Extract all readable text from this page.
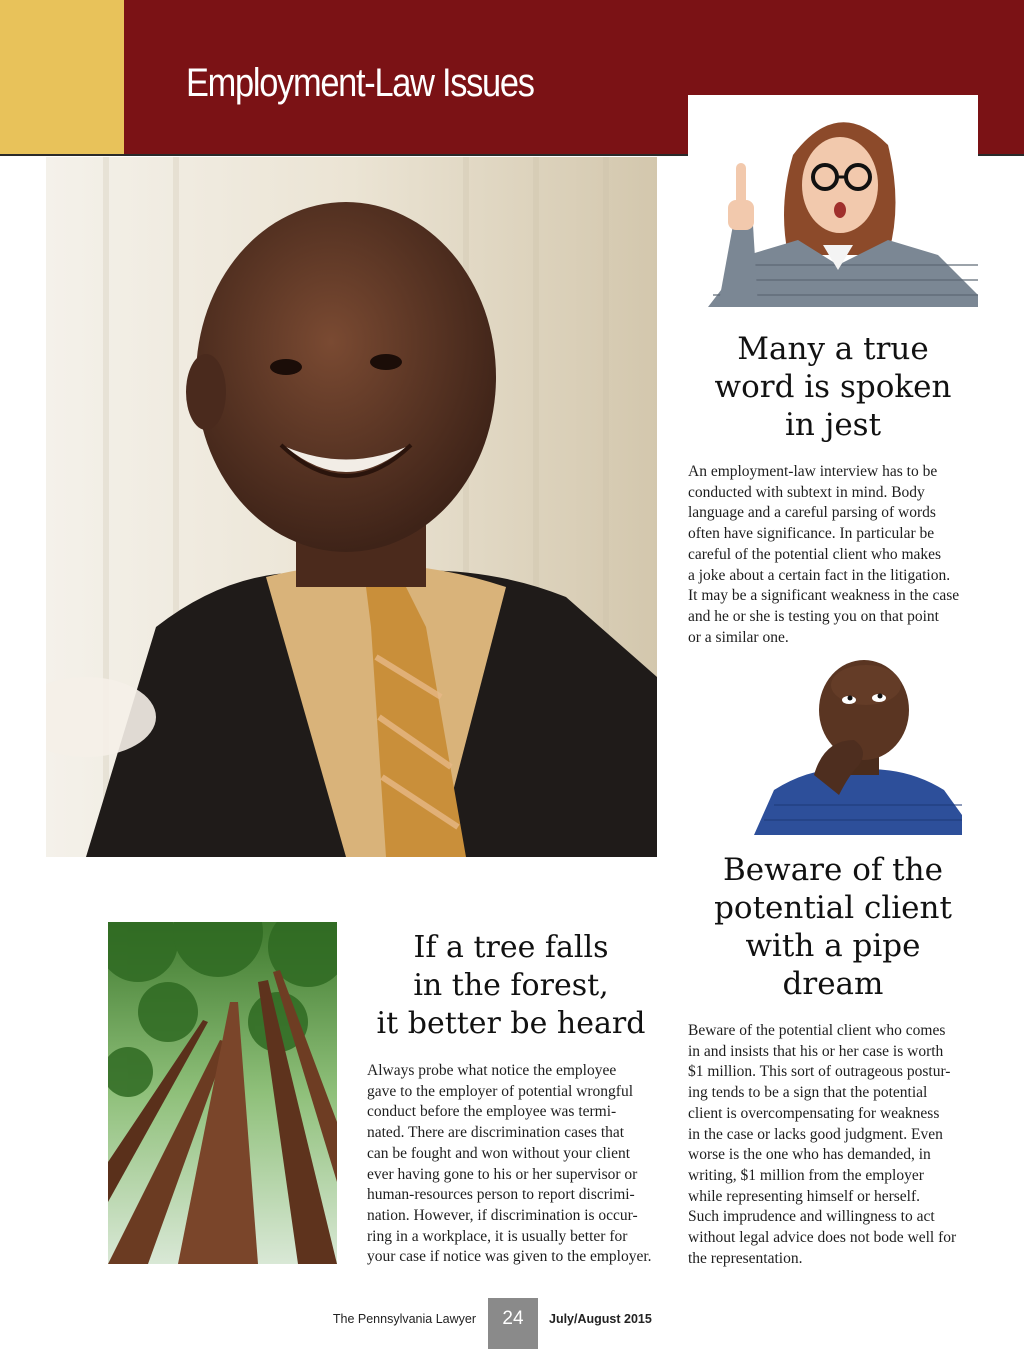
Employment-Law Issues
Many a true
word is spoken
in jest

An employment-law interview has to be
conducted with subtext in mind. Body
language and a careful parsing of words
often have significance. In particular be
careful of the potential client who makes
a joke about a certain fact in the litigation.
It may be a significant weakness in the case
and he or she is testing you on that point
or a similar one.

Beware of the
potential client
with a pipe
dream

Beware of the potential client who comes
in and insists that his or her case is worth
$1 million. This sort of outrageous postur-
ing tends to be a sign that the potential
client is overcompensating for weakness
in the case or lacks good judgment. Even
worse is the one who has demanded, in
writing, $1 million from the employer
while representing himself or herself.
Such imprudence and willingness to act
without legal advice does not bode well for
the representation.

If a tree falls
in the forest,
it better be heard

Always probe what notice the employee
gave to the employer of potential wrongful
conduct before the employee was termi-
nated. There are discrimination cases that
can be fought and won without your client
ever having gone to his or her supervisor or
human-resources person to report discrimi-
nation. However, if discrimination is occur-
ring in a workplace, it is usually better for
your case if notice was given to the employer.

The Pennsylvania Lawyer	24	July/August 2015
